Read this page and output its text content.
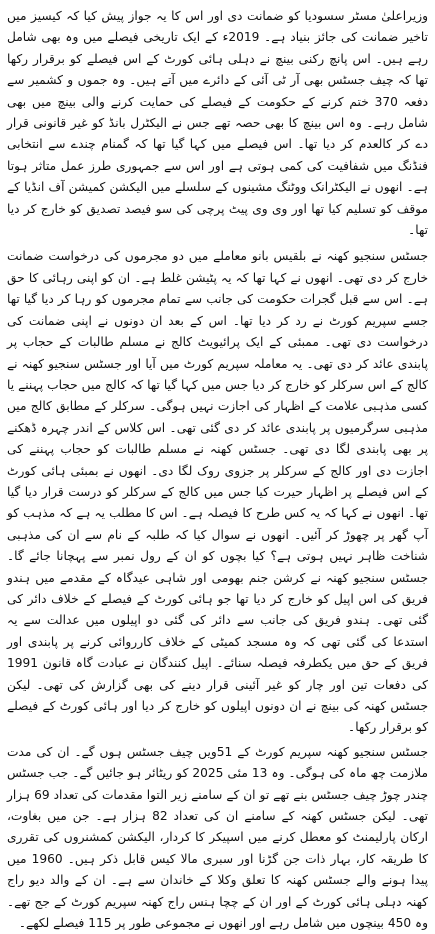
وزیراعلیٰ مسٹر سسودیا کو ضمانت دی اور اس کا یہ جواز پیش کیا کہ کیسیز میں تاخیر ضمانت کی جائز بنیاد ہے۔ 2019ء کے ایک تاریخی فیصلے میں وہ بھی شامل رہے ہیں۔ اس پانچ رکنی بینچ نے دہلی ہائی کورٹ کے اس فیصلے کو برقرار رکھا تھا کہ چیف جسٹس بھی آر ٹی آئی کے دائرے میں آتے ہیں۔ وہ جموں و کشمیر سے دفعہ 370 ختم کرنے کے حکومت کے فیصلے کی حمایت کرنے والی بینچ میں بھی شامل رہے۔ وہ اس بینچ کا بھی حصہ تھے جس نے الیکٹرل بانڈ کو غیر قانونی قرار دے کر کالعدم کر دیا تھا۔ اس فیصلے میں کہا گیا تھا کہ گمنام چندے سے انتخابی فنڈنگ میں شفافیت کی کمی ہوتی ہے اور اس سے جمہوری طرز عمل متاثر ہوتا ہے۔ انھوں نے الیکٹرانک ووٹنگ مشینوں کے سلسلے میں الیکشن کمیشن آف انڈیا کے موقف کو تسلیم کیا تھا اور وی وی پیٹ پرچی کی سو فیصد تصدیق کو خارج کر دیا تھا۔

جسٹس سنجیو کھنہ نے بلقیس بانو معاملے میں دو مجرموں کی درخواست ضمانت خارج کر دی تھی۔ انھوں نے کہا تھا کہ یہ پٹیشن غلط ہے۔ ان کو اپنی رہائی کا حق ہے۔ اس سے قبل گجرات حکومت کی جانب سے تمام مجرموں کو رہا کر دیا گیا تھا جسے سپریم کورٹ نے رد کر دیا تھا۔ اس کے بعد ان دونوں نے اپنی ضمانت کی درخواست دی تھی۔ ممبئی کے ایک پرائیویٹ کالج نے مسلم طالبات کے حجاب پر پابندی عائد کر دی تھی۔ یہ معاملہ سپریم کورٹ میں آیا اور جسٹس سنجیو کھنہ نے کالج کے اس سرکلر کو خارج کر دیا جس میں کہا گیا تھا کہ کالج میں حجاب پہننے یا کسی مذہبی علامت کے اظہار کی اجازت نہیں ہوگی۔ سرکلر کے مطابق کالج میں مذہبی سرگرمیوں پر پابندی عائد کر دی گئی تھی۔ اس کلاس کے اندر چہرہ ڈھکنے پر بھی پابندی لگا دی تھی۔ جسٹس کھنہ نے مسلم طالبات کو حجاب پہننے کی اجازت دی اور کالج کے سرکلر پر جزوی روک لگا دی۔ انھوں نے بمبئی ہائی کورٹ کے اس فیصلے پر اظہار حیرت کیا جس میں کالج کے سرکلر کو درست قرار دیا گیا تھا۔ انھوں نے کہا کہ یہ کس طرح کا فیصلہ ہے۔ اس کا مطلب یہ ہے کہ مذہب کو آپ گھر پر چھوڑ کر آئیں۔ انھوں نے سوال کیا کہ طلبہ کے نام سے ان کی مذہبی شناخت ظاہر نہیں ہوتی ہے؟ کیا بچوں کو ان کے رول نمبر سے پہچانا جائے گا۔ جسٹس سنجیو کھنہ نے کرشن جنم بھومی اور شاہی عیدگاہ کے مقدمے میں ہندو فریق کی اس اپیل کو خارج کر دیا تھا جو ہائی کورٹ کے فیصلے کے خلاف دائر کی گئی تھی۔ ہندو فریق کی جانب سے دائر کی گئی دو اپیلوں میں عدالت سے یہ استدعا کی گئی تھی کہ وہ مسجد کمیٹی کے خلاف کارروائی کرنے پر پابندی اور فریق کے حق میں یکطرفہ فیصلہ سنائے۔ اپیل کنندگان نے عبادت گاہ قانون 1991 کی دفعات تین اور چار کو غیر آئینی قرار دینے کی بھی گزارش کی تھی۔ لیکن جسٹس کھنہ کی بینچ نے ان دونوں اپیلوں کو خارج کر دیا اور ہائی کورٹ کے فیصلے کو برقرار رکھا۔

جسٹس سنجیو کھنہ سپریم کورٹ کے 51ویں چیف جسٹس ہوں گے۔ ان کی مدت ملازمت چھ ماہ کی ہوگی۔ وہ 13 مئی 2025 کو ریٹائر ہو جائیں گے۔ جب جسٹس چندر چوڑ چیف جسٹس بنے تھے تو ان کے سامنے زیر التوا مقدمات کی تعداد 69 ہزار تھی۔ لیکن جسٹس کھنہ کے سامنے ان کی تعداد 82 ہزار ہے۔ جن میں بغاوت، ارکان پارلیمنٹ کو معطل کرنے میں اسپیکر کا کردار، الیکشن کمشنروں کی تقرری کا طریقہ کار، بہار ذات جن گڑنا اور سبری مالا کیس قابل ذکر ہیں۔ 1960 میں پیدا ہونے والے جسٹس کھنہ کا تعلق وکلا کے خاندان سے ہے۔ ان کے والد دیو راج کھنہ دہلی ہائی کورٹ کے اور ان کے چچا ہنس راج کھنہ سپریم کورٹ کے جج تھے۔ وہ 450 بینچوں میں شامل رہے اور انھوں نے مجموعی طور پر 115 فیصلے لکھے۔
